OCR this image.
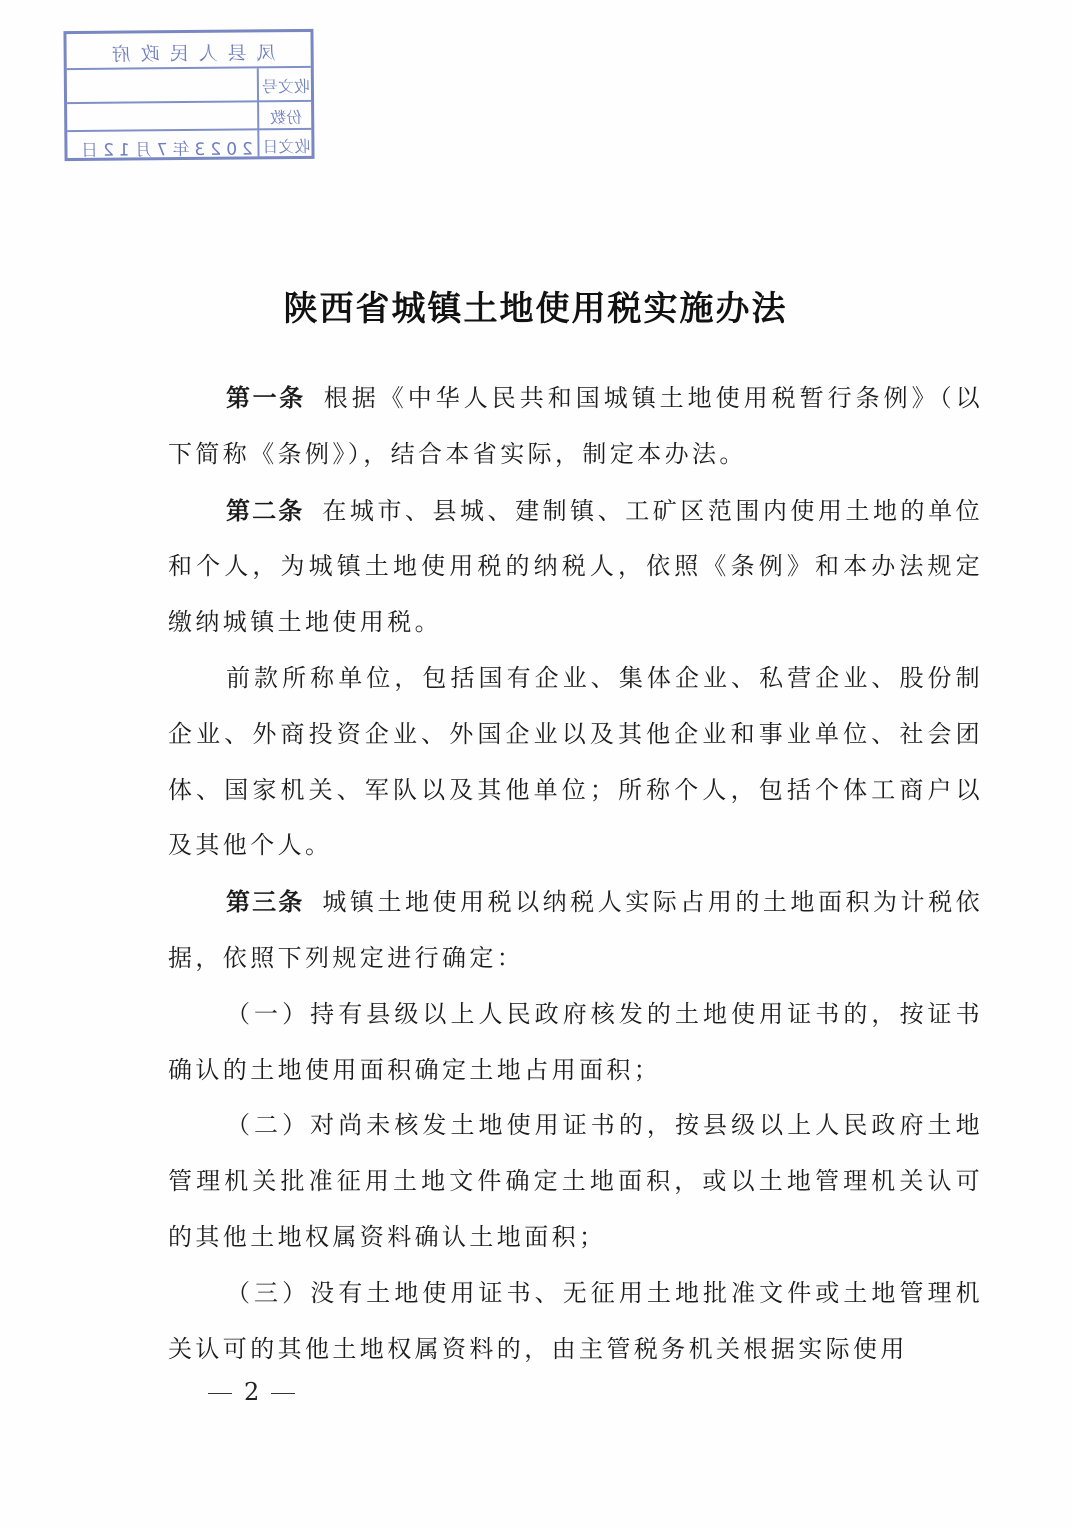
凤县人民政府
收文号
份数
收文日
2023年7月12日
陕西省城镇土地使用税实施办法

第一条 根据《中华人民共和国城镇土地使用税暂行条例》（以下简称《条例》），结合本省实际，制定本办法。

第二条 在城市、县城、建制镇、工矿区范围内使用土地的单位和个人，为城镇土地使用税的纳税人，依照《条例》和本办法规定缴纳城镇土地使用税。

前款所称单位，包括国有企业、集体企业、私营企业、股份制企业、外商投资企业、外国企业以及其他企业和事业单位、社会团体、国家机关、军队以及其他单位；所称个人，包括个体工商户以及其他个人。

第三条 城镇土地使用税以纳税人实际占用的土地面积为计税依据，依照下列规定进行确定：

（一）持有县级以上人民政府核发的土地使用证书的，按证书确认的土地使用面积确定土地占用面积；

（二）对尚未核发土地使用证书的，按县级以上人民政府土地管理机关批准征用土地文件确定土地面积，或以土地管理机关认可的其他土地权属资料确认土地面积；

（三）没有土地使用证书、无征用土地批准文件或土地管理机关认可的其他土地权属资料的，由主管税务机关根据实际使用

2
